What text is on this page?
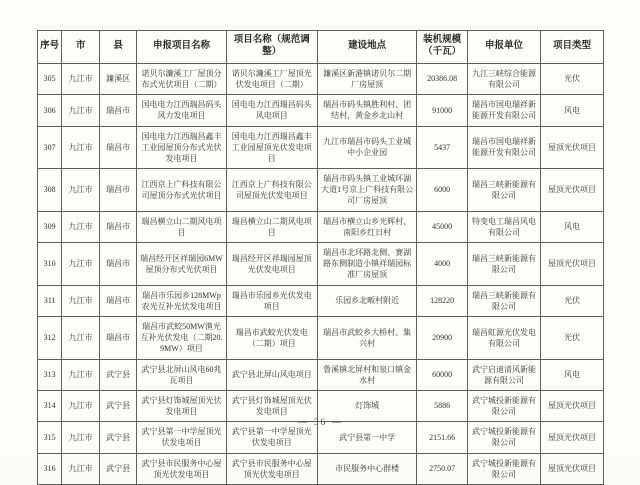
序号	市	县	申报项目名称	项目名称（规范调整）	建设地点	装机规模（千瓦）	申报单位	项目类型
305	九江市	濂溪区	诺贝尔濂溪工厂屋顶分布式光伏项目（二期）	诺贝尔濂溪工厂屋顶光伏发电项目（二期）	濂溪区新港镇诺贝尔二期厂房屋顶	20386.08	九江三峡综合能源有限公司	光伏
306	九江市	瑞昌市	国电电力江西瑞昌码头风力发电项目	国电电力江西瑞昌码头风电项目	瑞昌市码头镇胜利村、团结村，黄金乡北山村	91000	瑞昌市国电瑞祥新能源开发有限公司	风电
307	九江市	瑞昌市	国电电力江西瑞昌鑫丰工业园屋顶分布式光伏发电项目	国电电力江西瑞昌鑫丰工业园屋顶光伏发电项目	九江市瑞昌市码头工业城中小企业园	5437	瑞昌市国电瑞祥新能源开发有限公司	屋顶光伏项目
308	九江市	瑞昌市	江西京上广科技有限公司屋顶分布式光伏项目	江西京上广科技有限公司屋顶光伏发电项目	瑞昌市码头镇工业城环湖大道1号京上广科技有限公司厂房屋顶	6000	瑞昌三峡新能源有限公司	屋顶光伏项目
309	九江市	瑞昌市	瑞昌横立山二期风电项目	瑞昌横立山二期风电项目	瑞昌市横立山乡光辉村、南阳乡红日村	45000	特变电工瑞昌风电有限公司	风电
310	九江市	瑞昌市	瑞昌经开区祥瑞园6MW屋顶分布式光伏项目	瑞昌经开区祥瑞园屋顶光伏发电项目	瑞昌市北环路北侧、赛湖路东侧制造小镇祥瑞园标准厂房屋顶	4000	瑞昌三峡新能源有限公司	屋顶光伏项目
311	九江市	瑞昌市	瑞昌市乐园乡128MWp农光互补光伏发电项目	瑞昌市乐园乡光伏发电项目	乐园乡北畈村附近	128220	瑞昌三峡新能源有限公司	光伏
312	九江市	瑞昌市	瑞昌市武蛟50MW渔光互补光伏发电（二期20.9MW）项目	瑞昌市武蛟光伏发电（二期）项目	瑞昌市武蛟乡大桥村、集兴村	20900	瑞昌虹源光伏发电有限公司	光伏
313	九江市	武宁县	武宁县北屏山风电60兆瓦项目	武宁县北屏山风电项目	鲁溪镇北屏村和泉口镇金水村	60000	武宁启迪清风新能源有限公司	风电
314	九江市	武宁县	武宁县灯饰城屋顶光伏发电项目	武宁县灯饰城屋顶光伏发电项目	灯饰城	5886	武宁城投新能源有限公司	屋顶光伏项目
315	九江市	武宁县	武宁县第一中学屋顶光伏发电项目	武宁县第一中学屋顶光伏发电项目	武宁县第一中学	2151.66	武宁城投新能源有限公司	屋顶光伏项目
316	九江市	武宁县	武宁县市民服务中心屋顶光伏发电项目	武宁县市民服务中心屋顶光伏发电项目	市民服务中心群楼	2750.07	武宁城投新能源有限公司	屋顶光伏项目
— 36 —
